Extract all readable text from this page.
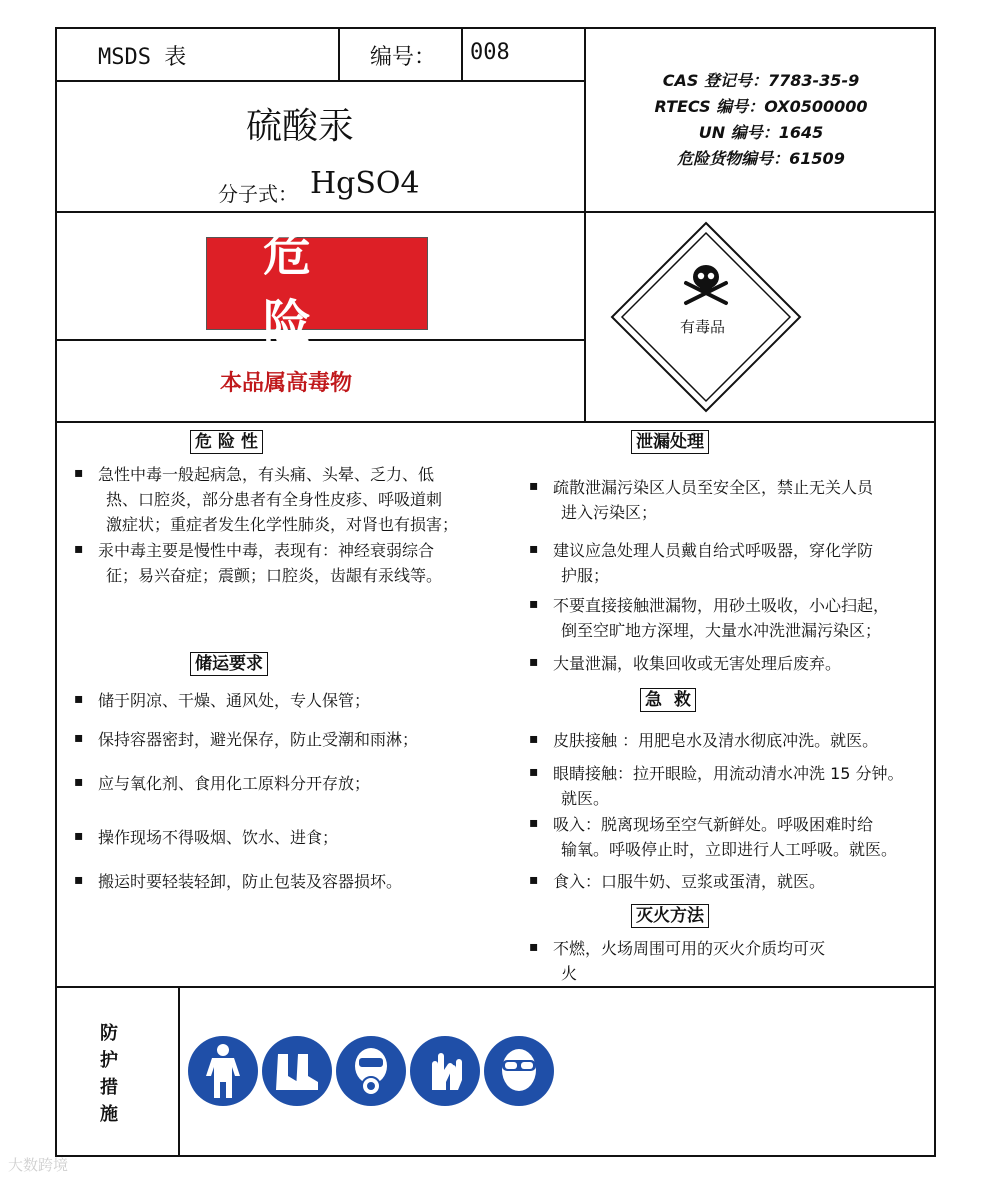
MSDS 表	编号： 008
硫酸汞
分子式： HgSO4
CAS 登记号：7783-35-9
RTECS 编号：OX0500000
UN 编号：1645
危险货物编号：61509
危 险
本品属高毒物
有毒品
危 险 性
储运要求
泄漏处理
急  救
灭火方法
▪ 急性中毒一般起病急，有头痛、头晕、乏力、低
热、口腔炎，部分患者有全身性皮疹、呼吸道刺
激症状；重症者发生化学性肺炎，对肾也有损害；
▪ 汞中毒主要是慢性中毒，表现有：神经衰弱综合
征；易兴奋症；震颤；口腔炎，齿龈有汞线等。
▪ 储于阴凉、干燥、通风处，专人保管；
▪ 保持容器密封，避光保存，防止受潮和雨淋；
▪ 应与氧化剂、食用化工原料分开存放；
▪ 操作现场不得吸烟、饮水、进食；
▪ 搬运时要轻装轻卸，防止包装及容器损坏。
▪ 疏散泄漏污染区人员至安全区，禁止无关人员
进入污染区；
▪ 建议应急处理人员戴自给式呼吸器，穿化学防
护服；
▪ 不要直接接触泄漏物，用砂土吸收，小心扫起，
倒至空旷地方深埋，大量水冲洗泄漏污染区；
▪ 大量泄漏，收集回收或无害处理后废弃。
▪ 皮肤接触 ：用肥皂水及清水彻底冲洗。就医。
▪ 眼睛接触：拉开眼睑，用流动清水冲洗 15 分钟。
就医。
▪ 吸入：脱离现场至空气新鲜处。呼吸困难时给
输氧。呼吸停止时，立即进行人工呼吸。就医。
▪ 食入：口服牛奶、豆浆或蛋清，就医。
▪ 不燃，火场周围可用的灭火介质均可灭
火
防护措施
大数跨境
